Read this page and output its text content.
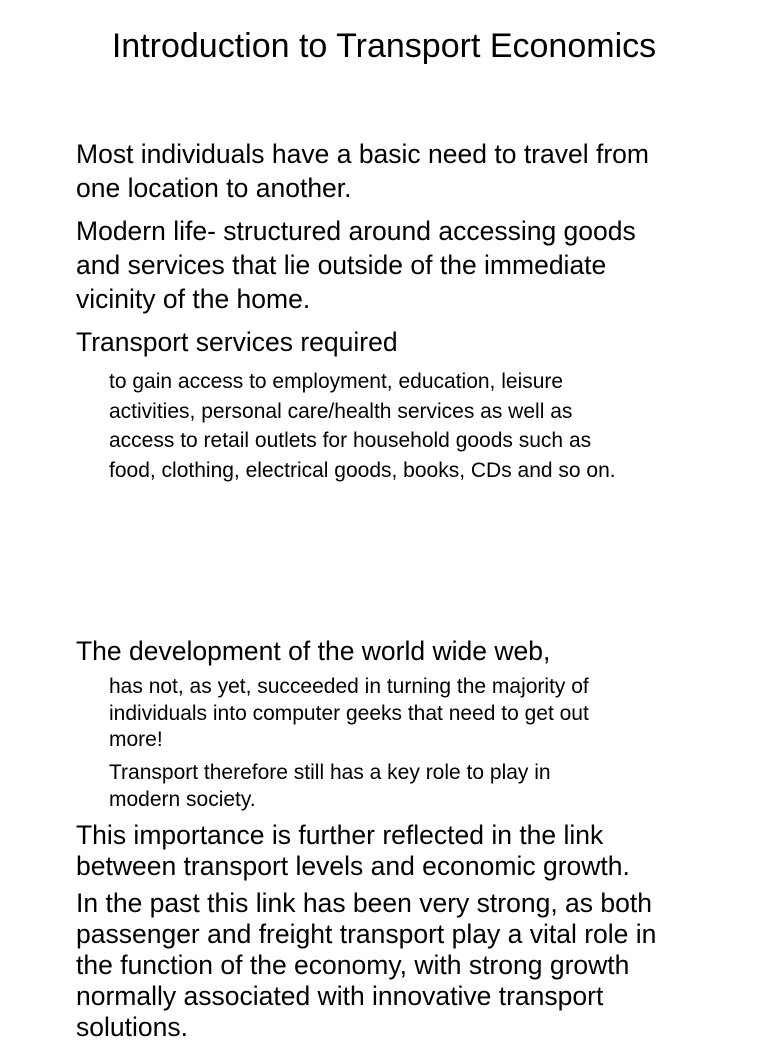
Introduction to Transport Economics
Most individuals have a basic need to travel from
one location to another.
Modern life- structured around accessing goods
and services that lie outside of the immediate
vicinity of the home.
Transport services required
to gain access to employment, education, leisure
activities, personal care/health services as well as
access to retail outlets for household goods such as
food, clothing, electrical goods, books, CDs and so on.
The development of the world wide web,
has not, as yet, succeeded in turning the majority of
individuals into computer geeks that need to get out
more!
Transport therefore still has a key role to play in
modern society.
This importance is further reflected in the link
between transport levels and economic growth.
In the past this link has been very strong, as both
passenger and freight transport play a vital role in
the function of the economy, with strong growth
normally associated with innovative transport
solutions.
